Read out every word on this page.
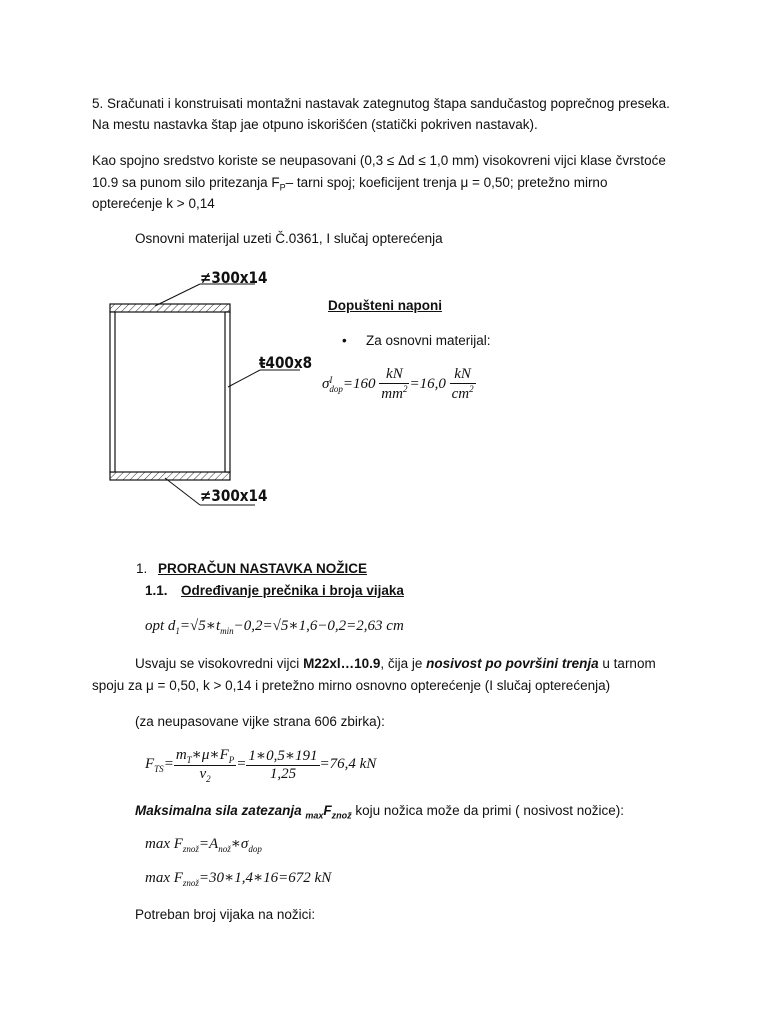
5. Sračunati i konstruisati montažni nastavak zategnutog štapa sandučastog poprečnog preseka.

Na mestu nastavka štap jae otpuno iskorišćen (statički pokriven nastavak).

Kao spojno sredstvo koriste se neupasovani (0,3 ≤ Δd ≤ 1,0 mm) visokovreni vijci klase čvrstoće

10.9 sa punom silo pritezanja $F_P-$ tarni spoj; koeficijent trenja μ = 0,50; pretežno mirno

opterećenje k > 0,14

Osnovni materijal uzeti Č.0361, I slučaj opterećenja

≠300x14
ŧ400x8
≠300x14
Dopušteni naponi
• Za osnovni materijal:
σ I
dop $=160 \frac{kN}{mm^2} =16,0 \frac{kN}{cm^2}$
1. PRORAČUN NASTAVKA NOŽICE
1.1. Određivanje prečnika i broja vijaka
opt $d_1=√5∗t_{min}-0,2=√5∗1,6-0,2=2,63$ cm

Usvaju se visokovredni vijci M22xl…10.9, čija je nosivost po površini trenja u tarnom

spoju za μ = 0,50, k > 0,14 i pretežno mirno osnovno opterećenje (I slučaj opterećenja)

(za neupasovane vijke strana 606 zbirka):

$F_{TS}= \frac{m_T∗\mu∗F_P}{\nu_2} = \frac{1∗0,5∗191}{1,25} =76,4$ kN

Maksimalna sila zatezanja $_{max}F_{znož}$ koju nožica može da primi ( nosivost nožice):

$\max F_{znož}=A_{nož}∗\sigma_{dop}$
$\max F_{znož}=30∗1,4∗16=672$ kN

Potreban broj vijaka na nožici:
